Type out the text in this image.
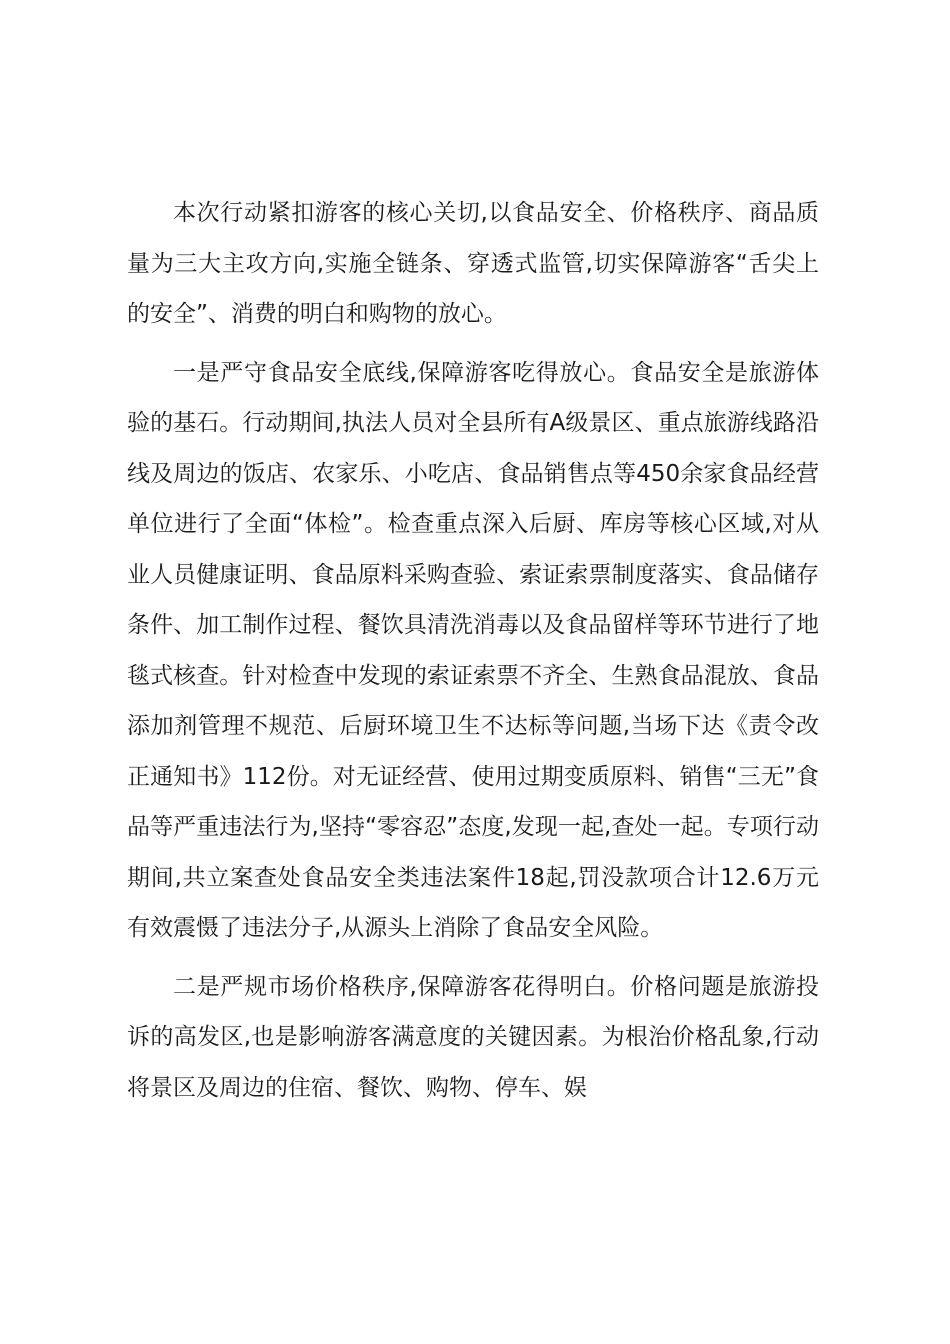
本次行动紧扣游客的核心关切,以食品安全、价格秩序、商品质量为三大主攻方向,实施全链条、穿透式监管,切实保障游客“舌尖上的安全”、消费的明白和购物的放心。

一是严守食品安全底线,保障游客吃得放心。食品安全是旅游体验的基石。行动期间,执法人员对全县所有A级景区、重点旅游线路沿线及周边的饭店、农家乐、小吃店、食品销售点等450余家食品经营单位进行了全面“体检”。检查重点深入后厨、库房等核心区域,对从业人员健康证明、食品原料采购查验、索证索票制度落实、食品储存条件、加工制作过程、餐饮具清洗消毒以及食品留样等环节进行了地毯式核查。针对检查中发现的索证索票不齐全、生熟食品混放、食品添加剂管理不规范、后厨环境卫生不达标等问题,当场下达《责令改正通知书》112份。对无证经营、使用过期变质原料、销售“三无”食品等严重违法行为,坚持“零容忍”态度,发现一起,查处一起。专项行动期间,共立案查处食品安全类违法案件18起,罚没款项合计12.6万元有效震慑了违法分子,从源头上消除了食品安全风险。

二是严规市场价格秩序,保障游客花得明白。价格问题是旅游投诉的高发区,也是影响游客满意度的关键因素。为根治价格乱象,行动将景区及周边的住宿、餐饮、购物、停车、娱
